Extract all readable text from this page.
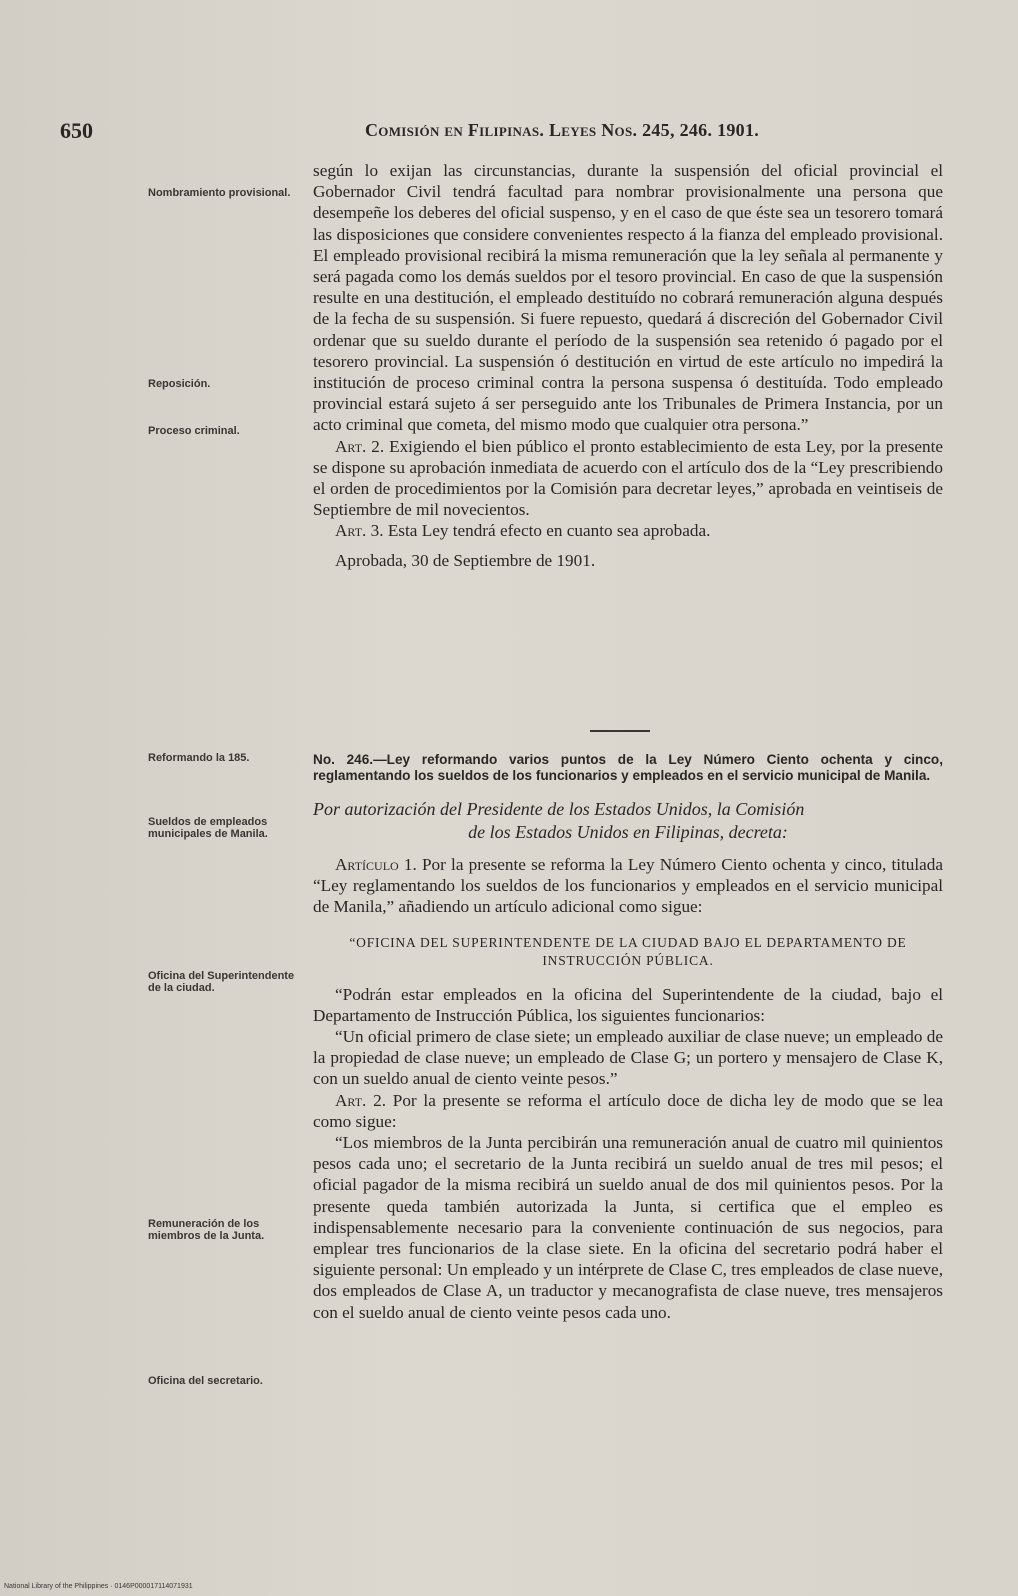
650	Comisión en Filipinas. Leyes Nos. 245, 246. 1901.
Nombramiento provisional.
Reposición.
Proceso criminal.
Reformando la 185.
Sueldos de empleados municipales de Manila.
Oficina del Superintendente de la ciudad.
Remuneración de los miembros de la Junta.
Oficina del secretario.

según lo exijan las circunstancias, durante la suspensión del oficial provincial el Gobernador Civil tendrá facultad para nombrar provisionalmente una persona que desempeñe los deberes del oficial suspenso, y en el caso de que éste sea un tesorero tomará las disposiciones que considere convenientes respecto á la fianza del empleado provisional. El empleado provisional recibirá la misma remuneración que la ley señala al permanente y será pagada como los demás sueldos por el tesoro provincial. En caso de que la suspensión resulte en una destitución, el empleado destituído no cobrará remuneración alguna después de la fecha de su suspensión. Si fuere repuesto, quedará á discreción del Gobernador Civil ordenar que su sueldo durante el período de la suspensión sea retenido ó pagado por el tesorero provincial. La suspensión ó destitución en virtud de este artículo no impedirá la institución de proceso criminal contra la persona suspensa ó destituída. Todo empleado provincial estará sujeto á ser perseguido ante los Tribunales de Primera Instancia, por un acto criminal que cometa, del mismo modo que cualquier otra persona.”

Art. 2. Exigiendo el bien público el pronto establecimiento de esta Ley, por la presente se dispone su aprobación inmediata de acuerdo con el artículo dos de la “Ley prescribiendo el orden de procedimientos por la Comisión para decretar leyes,” aprobada en veintiseis de Septiembre de mil novecientos.

Art. 3. Esta Ley tendrá efecto en cuanto sea aprobada.

Aprobada, 30 de Septiembre de 1901.

No. 246.—Ley reformando varios puntos de la Ley Número Ciento ochenta y cinco, reglamentando los sueldos de los funcionarios y empleados en el servicio municipal de Manila.

Por autorización del Presidente de los Estados Unidos, la Comisión

de los Estados Unidos en Filipinas, decreta:

Artículo 1. Por la presente se reforma la Ley Número Ciento ochenta y cinco, titulada “Ley reglamentando los sueldos de los funcionarios y empleados en el servicio municipal de Manila,” añadiendo un artículo adicional como sigue:

“OFICINA DEL SUPERINTENDENTE DE LA CIUDAD BAJO EL DEPARTAMENTO DE INSTRUCCIÓN PÚBLICA.

“Podrán estar empleados en la oficina del Superintendente de la ciudad, bajo el Departamento de Instrucción Pública, los siguientes funcionarios:

“Un oficial primero de clase siete; un empleado auxiliar de clase nueve; un empleado de la propiedad de clase nueve; un empleado de Clase G; un portero y mensajero de Clase K, con un sueldo anual de ciento veinte pesos.”

Art. 2. Por la presente se reforma el artículo doce de dicha ley de modo que se lea como sigue:

“Los miembros de la Junta percibirán una remuneración anual de cuatro mil quinientos pesos cada uno; el secretario de la Junta recibirá un sueldo anual de tres mil pesos; el oficial pagador de la misma recibirá un sueldo anual de dos mil quinientos pesos. Por la presente queda también autorizada la Junta, si certifica que el empleo es indispensablemente necesario para la conveniente continuación de sus negocios, para emplear tres funcionarios de la clase siete. En la oficina del secretario podrá haber el siguiente personal: Un empleado y un intérprete de Clase C, tres empleados de clase nueve, dos empleados de Clase A, un traductor y mecanografista de clase nueve, tres mensajeros con el sueldo anual de ciento veinte pesos cada uno.

National Library of the Philippines · 0146P000017114071931
